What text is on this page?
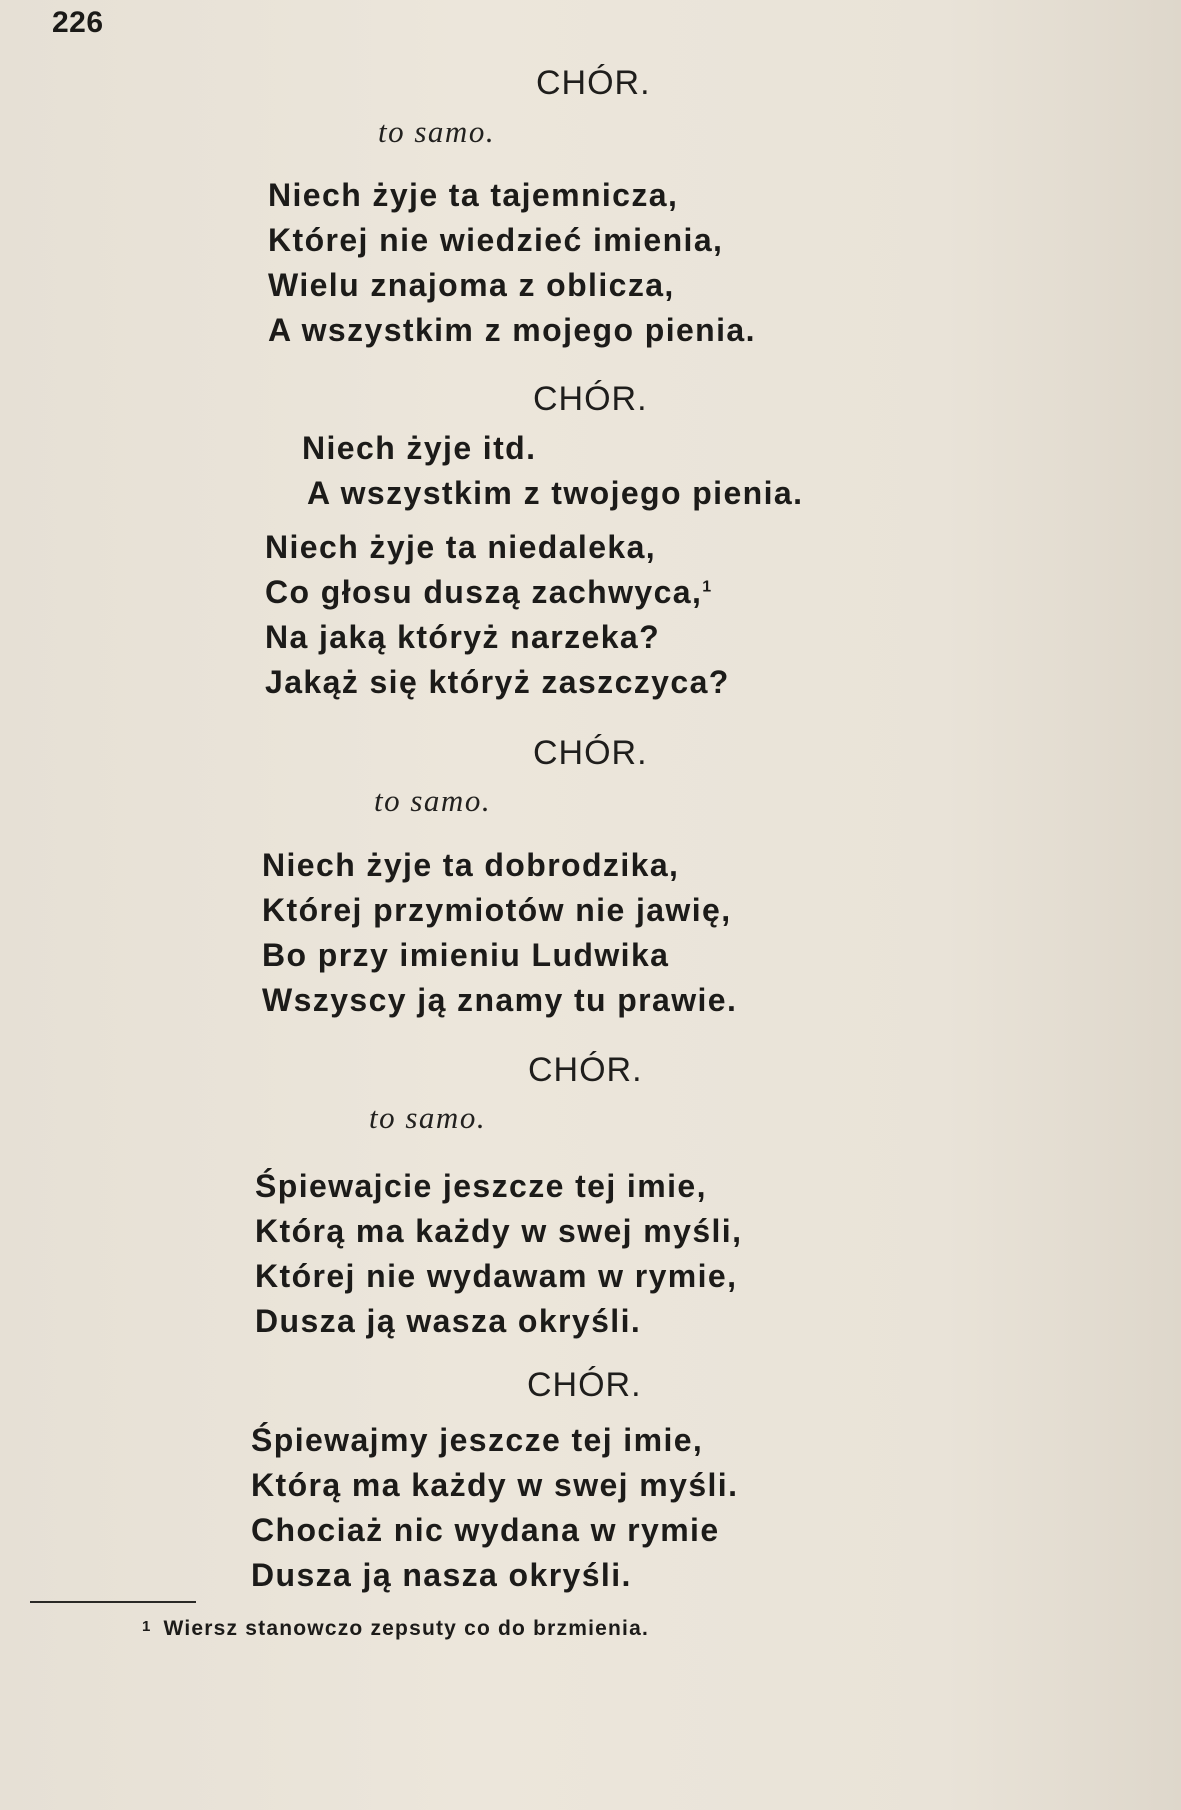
226
CHÓR.
to samo.
Niech żyje ta tajemnicza,
Której nie wiedzieć imienia,
Wielu znajoma z oblicza,
A wszystkim z mojego pienia.
CHÓR.
Niech żyje itd.
A wszystkim z twojego pienia.
Niech żyje ta niedaleka,
Co głosu duszą zachwyca,$^1$
Na jaką któryż narzeka?
Jakąż się któryż zaszczyca?
CHÓR.
to samo.
Niech żyje ta dobrodzika,
Której przymiotów nie jawię,
Bo przy imieniu Ludwika
Wszyscy ją znamy tu prawie.
CHÓR.
to samo.
Śpiewajcie jeszcze tej imie,
Którą ma każdy w swej myśli,
Której nie wydawam w rymie,
Dusza ją wasza okryśli.
CHÓR.
Śpiewajmy jeszcze tej imie,
Którą ma każdy w swej myśli.
Chociaż nic wydana w rymie
Dusza ją nasza okryśli.
1 Wiersz stanowczo zepsuty co do brzmienia.
